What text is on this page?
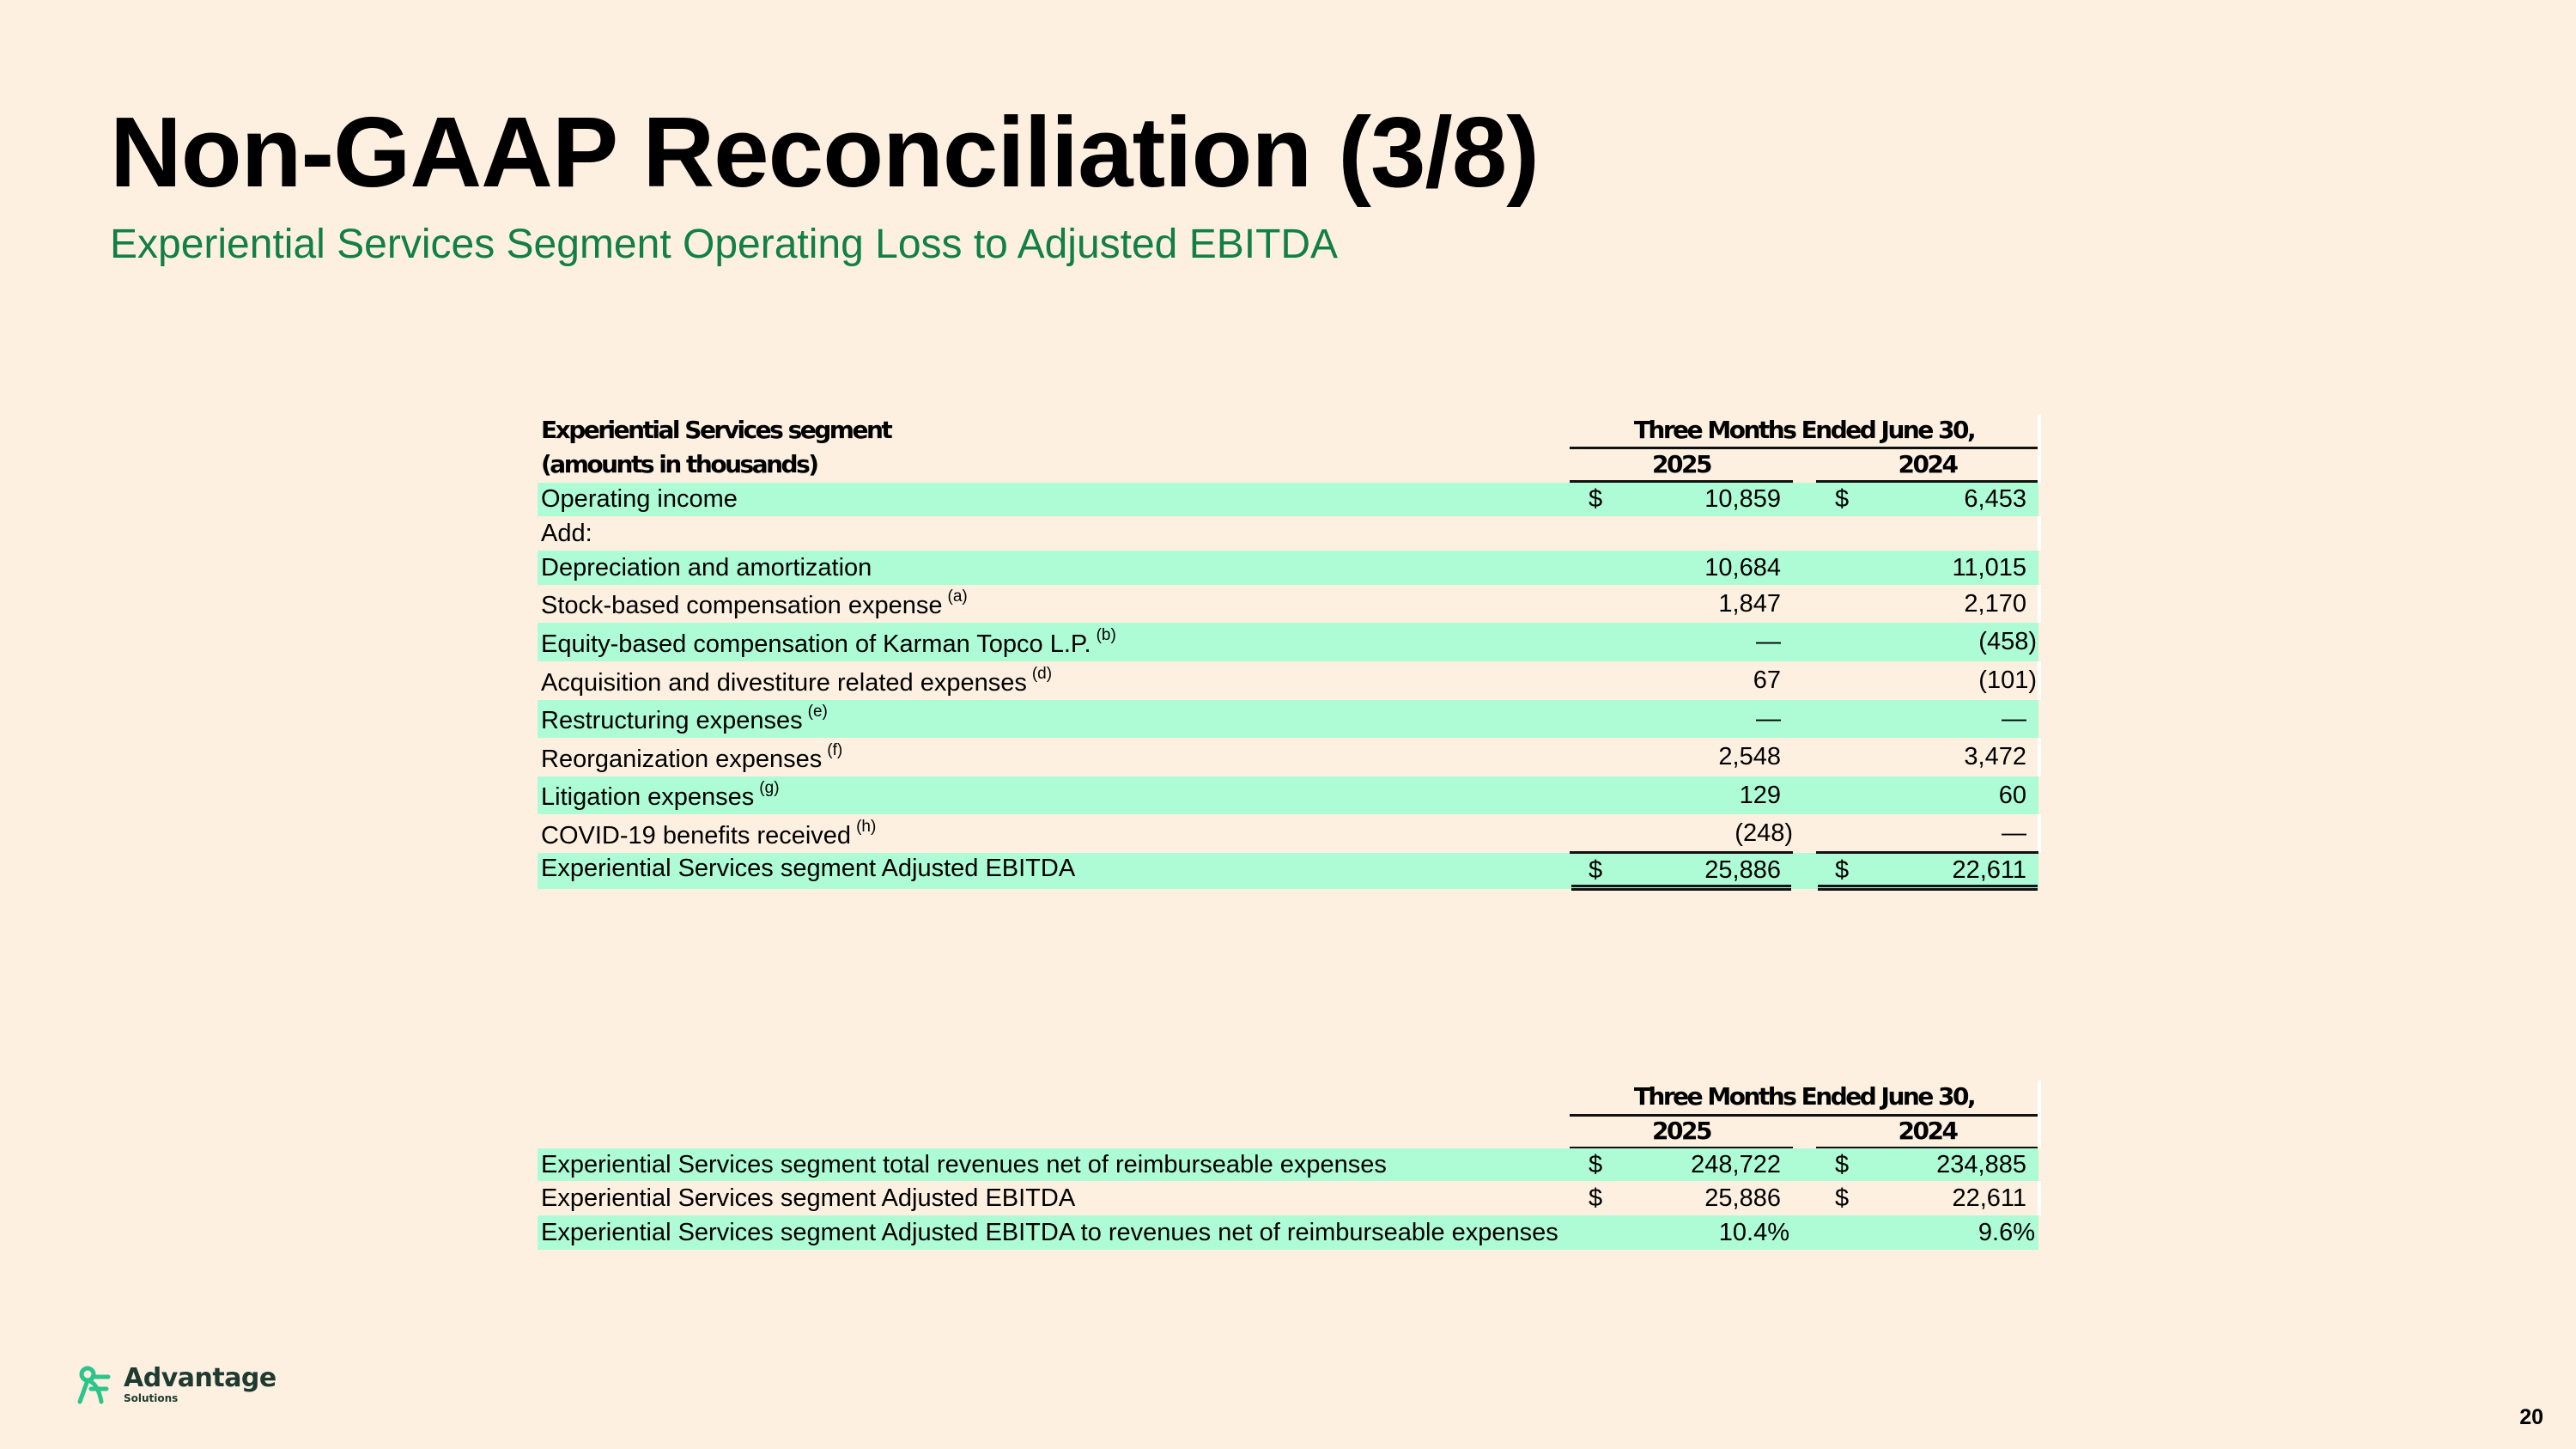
Non-GAAP Reconciliation (3/8)
Experiential Services Segment Operating Loss to Adjusted EBITDA
Experiential Services segment
(amounts in thousands)
Three Months Ended June 30,
2025	2024
Operating income	$	10,859 $	6,453
Add:
Depreciation and amortization	10,684	11,015
Stock-based compensation expense $^{(a)}$	1,847	2,170
Equity-based compensation of Karman Topco L.P. $^{(b)}$	—	(458)
Acquisition and divestiture related expenses $^{(d)}$	67	(101)
Restructuring expenses $^{(e)}$	—	—
Reorganization expenses $^{(f)}$	2,548	3,472
Litigation expenses $^{(g)}$	129	60
COVID-19 benefits received $^{(h)}$	(248)	—
Experiential Services segment Adjusted EBITDA	$	25,886 $	22,611
Three Months Ended June 30,
2025	2024
Experiential Services segment total revenues net of reimburseable expenses	$	248,722 $	234,885
Experiential Services segment Adjusted EBITDA	$	25,886 $	22,611
Experiential Services segment Adjusted EBITDA to revenues net of reimburseable expenses	10.4%	9.6%
Advantage
Solutions
20
